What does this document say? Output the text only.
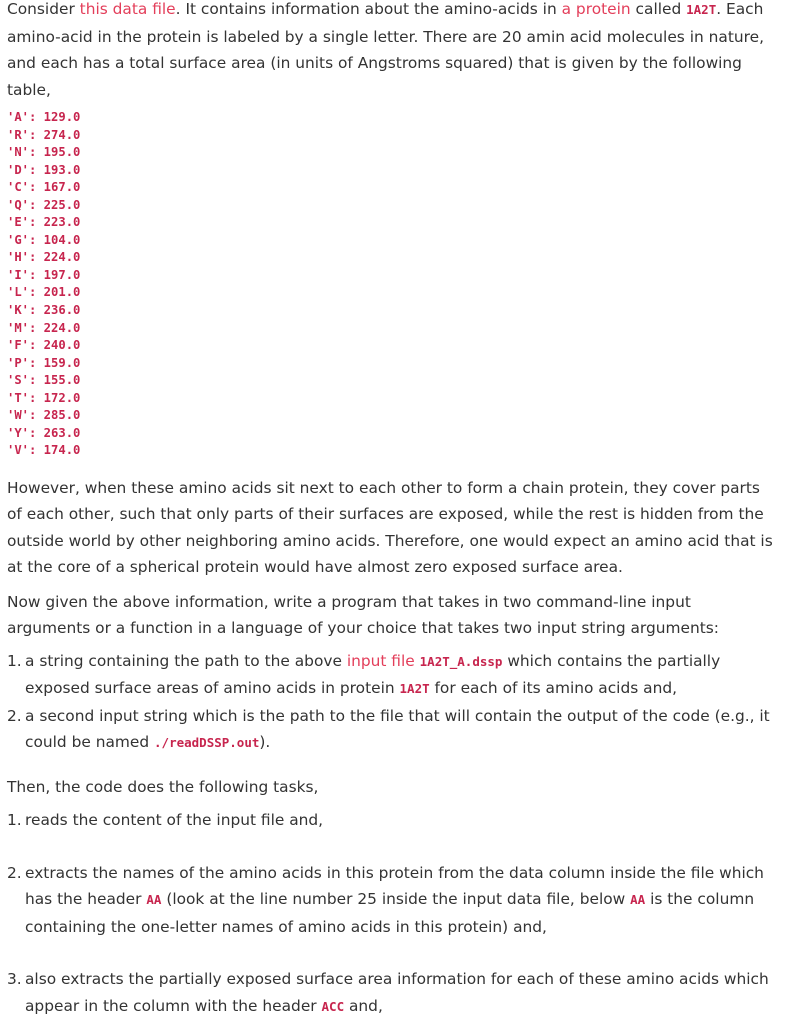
Consider this data file. It contains information about the amino-acids in a protein called 1A2T. Each amino-acid in the protein is labeled by a single letter. There are 20 amin acid molecules in nature, and each has a total surface area (in units of Angstroms squared) that is given by the following table,

'A': 129.0
'R': 274.0
'N': 195.0
'D': 193.0
'C': 167.0
'Q': 225.0
'E': 223.0
'G': 104.0
'H': 224.0
'I': 197.0
'L': 201.0
'K': 236.0
'M': 224.0
'F': 240.0
'P': 159.0
'S': 155.0
'T': 172.0
'W': 285.0
'Y': 263.0
'V': 174.0

However, when these amino acids sit next to each other to form a chain protein, they cover parts of each other, such that only parts of their surfaces are exposed, while the rest is hidden from the outside world by other neighboring amino acids. Therefore, one would expect an amino acid that is at the core of a spherical protein would have almost zero exposed surface area.

Now given the above information, write a program that takes in two command-line input arguments or a function in a language of your choice that takes two input string arguments:

1. a string containing the path to the above input file 1A2T_A.dssp which contains the partially exposed surface areas of amino acids in protein 1A2T for each of its amino acids and,
2. a second input string which is the path to the file that will contain the output of the code (e.g., it could be named ./readDSSP.out).

Then, the code does the following tasks,

1. reads the content of the input file and,

2. extracts the names of the amino acids in this protein from the data column inside the file which has the header AA (look at the line number 25 inside the input data file, below AA is the column containing the one-letter names of amino acids in this protein) and,

3. also extracts the partially exposed surface area information for each of these amino acids which appear in the column with the header ACC and,
